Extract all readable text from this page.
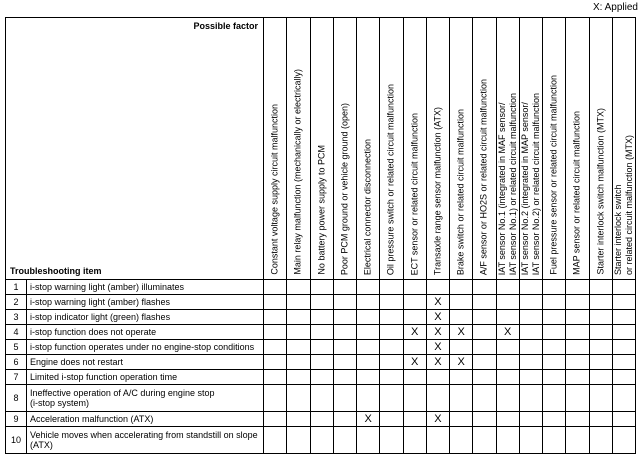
X: Applied
Possible factor
Troubleshooting item		Constant voltage supply circuit malfunction	Main relay malfunction (mechanically or electrically)	No battery power supply to PCM	Poor PCM ground or vehicle ground (open)	Electrical connector disconnection	Oil pressure switch or related circuit malfunction	ECT sensor or related circuit malfunction	Transaxle range sensor malfunction (ATX)	Brake switch or related circuit malfunction	A/F sensor or HO2S or related circuit malfunction	IAT sensor No.1 (integrated in MAF sensor/
IAT sensor No.1) or related circuit malfunction	IAT sensor No.2 (integrated in MAP sensor/
IAT sensor No.2) or related circuit malfunction	Fuel pressure sensor or related circuit malfunction	MAP sensor or related circuit malfunction	Starter interlock switch malfunction (MTX)	Starter interlock switch
or related circuit malfunction (MTX)

1	i-stop warning light (amber) illuminates																
2	i-stop warning light (amber) flashes								X								
3	i-stop indicator light (green) flashes								X								
4	i-stop function does not operate							X	X	X		X					
5	i-stop function operates under no engine-stop conditions								X								
6	Engine does not restart							X	X	X							
7	Limited i-stop function operation time																
8	Ineffective operation of A/C during engine stop
(i-stop system)																
9	Acceleration malfunction (ATX)					X			X								
10	Vehicle moves when accelerating from standstill on slope
(ATX)																
